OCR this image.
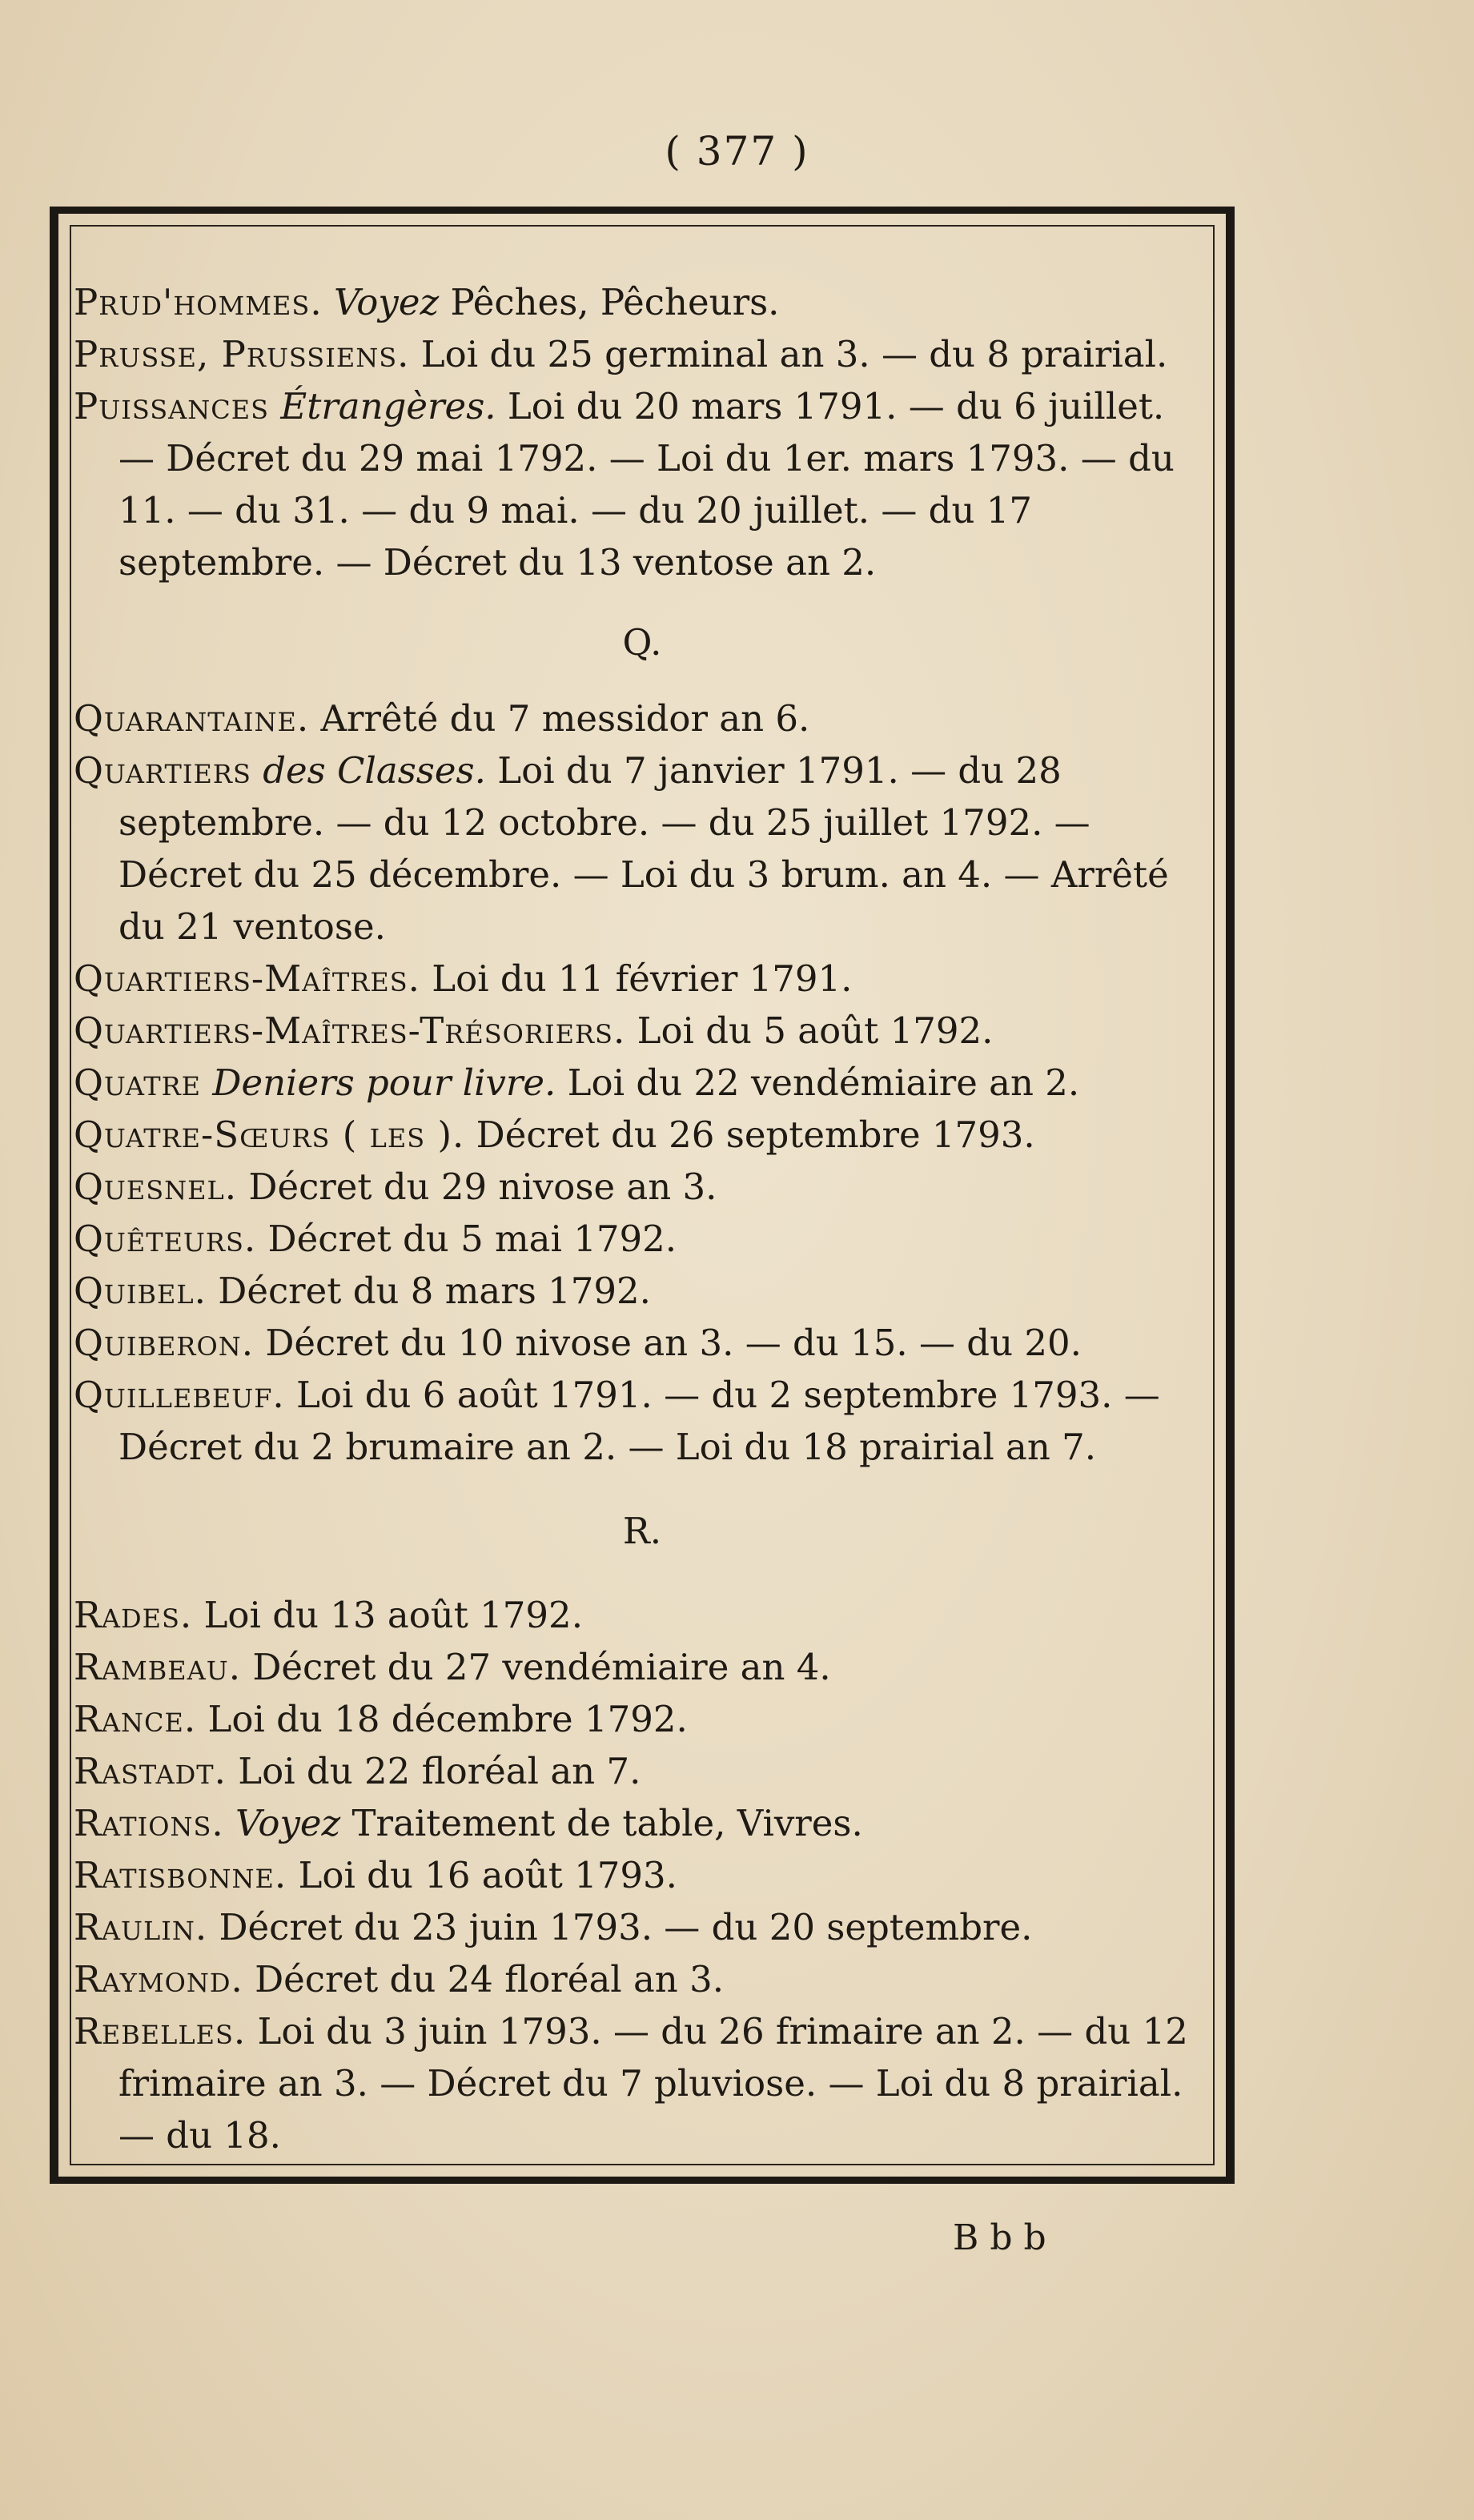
( 377 )

Prud'hommes. Voyez Pêches, Pêcheurs.

Prusse, Prussiens. Loi du 25 germinal an 3. — du 8 prairial.

Puissances Étrangères. Loi du 20 mars 1791. — du 6 juillet. — Décret du 29 mai 1792. — Loi du 1er. mars 1793. — du 11. — du 31. — du 9 mai. — du 20 juillet. — du 17 septembre. — Décret du 13 ventose an 2.

Q.

Quarantaine. Arrêté du 7 messidor an 6.

Quartiers des Classes. Loi du 7 janvier 1791. — du 28 septembre. — du 12 octobre. — du 25 juillet 1792. — Décret du 25 décembre. — Loi du 3 brum. an 4. — Arrêté du 21 ventose.

Quartiers-Maîtres. Loi du 11 février 1791.

Quartiers-Maîtres-Trésoriers. Loi du 5 août 1792.

Quatre Deniers pour livre. Loi du 22 vendémiaire an 2.

Quatre-Sœurs ( les ). Décret du 26 septembre 1793.

Quesnel. Décret du 29 nivose an 3.

Quêteurs. Décret du 5 mai 1792.

Quibel. Décret du 8 mars 1792.

Quiberon. Décret du 10 nivose an 3. — du 15. — du 20.

Quillebeuf. Loi du 6 août 1791. — du 2 septembre 1793. — Décret du 2 brumaire an 2. — Loi du 18 prairial an 7.

R.

Rades. Loi du 13 août 1792.

Rambeau. Décret du 27 vendémiaire an 4.

Rance. Loi du 18 décembre 1792.

Rastadt. Loi du 22 floréal an 7.

Rations. Voyez Traitement de table, Vivres.

Ratisbonne. Loi du 16 août 1793.

Raulin. Décret du 23 juin 1793. — du 20 septembre.

Raymond. Décret du 24 floréal an 3.

Rebelles. Loi du 3 juin 1793. — du 26 frimaire an 2. — du 12 frimaire an 3. — Décret du 7 pluviose. — Loi du 8 prairial. — du 18.

Bbb
